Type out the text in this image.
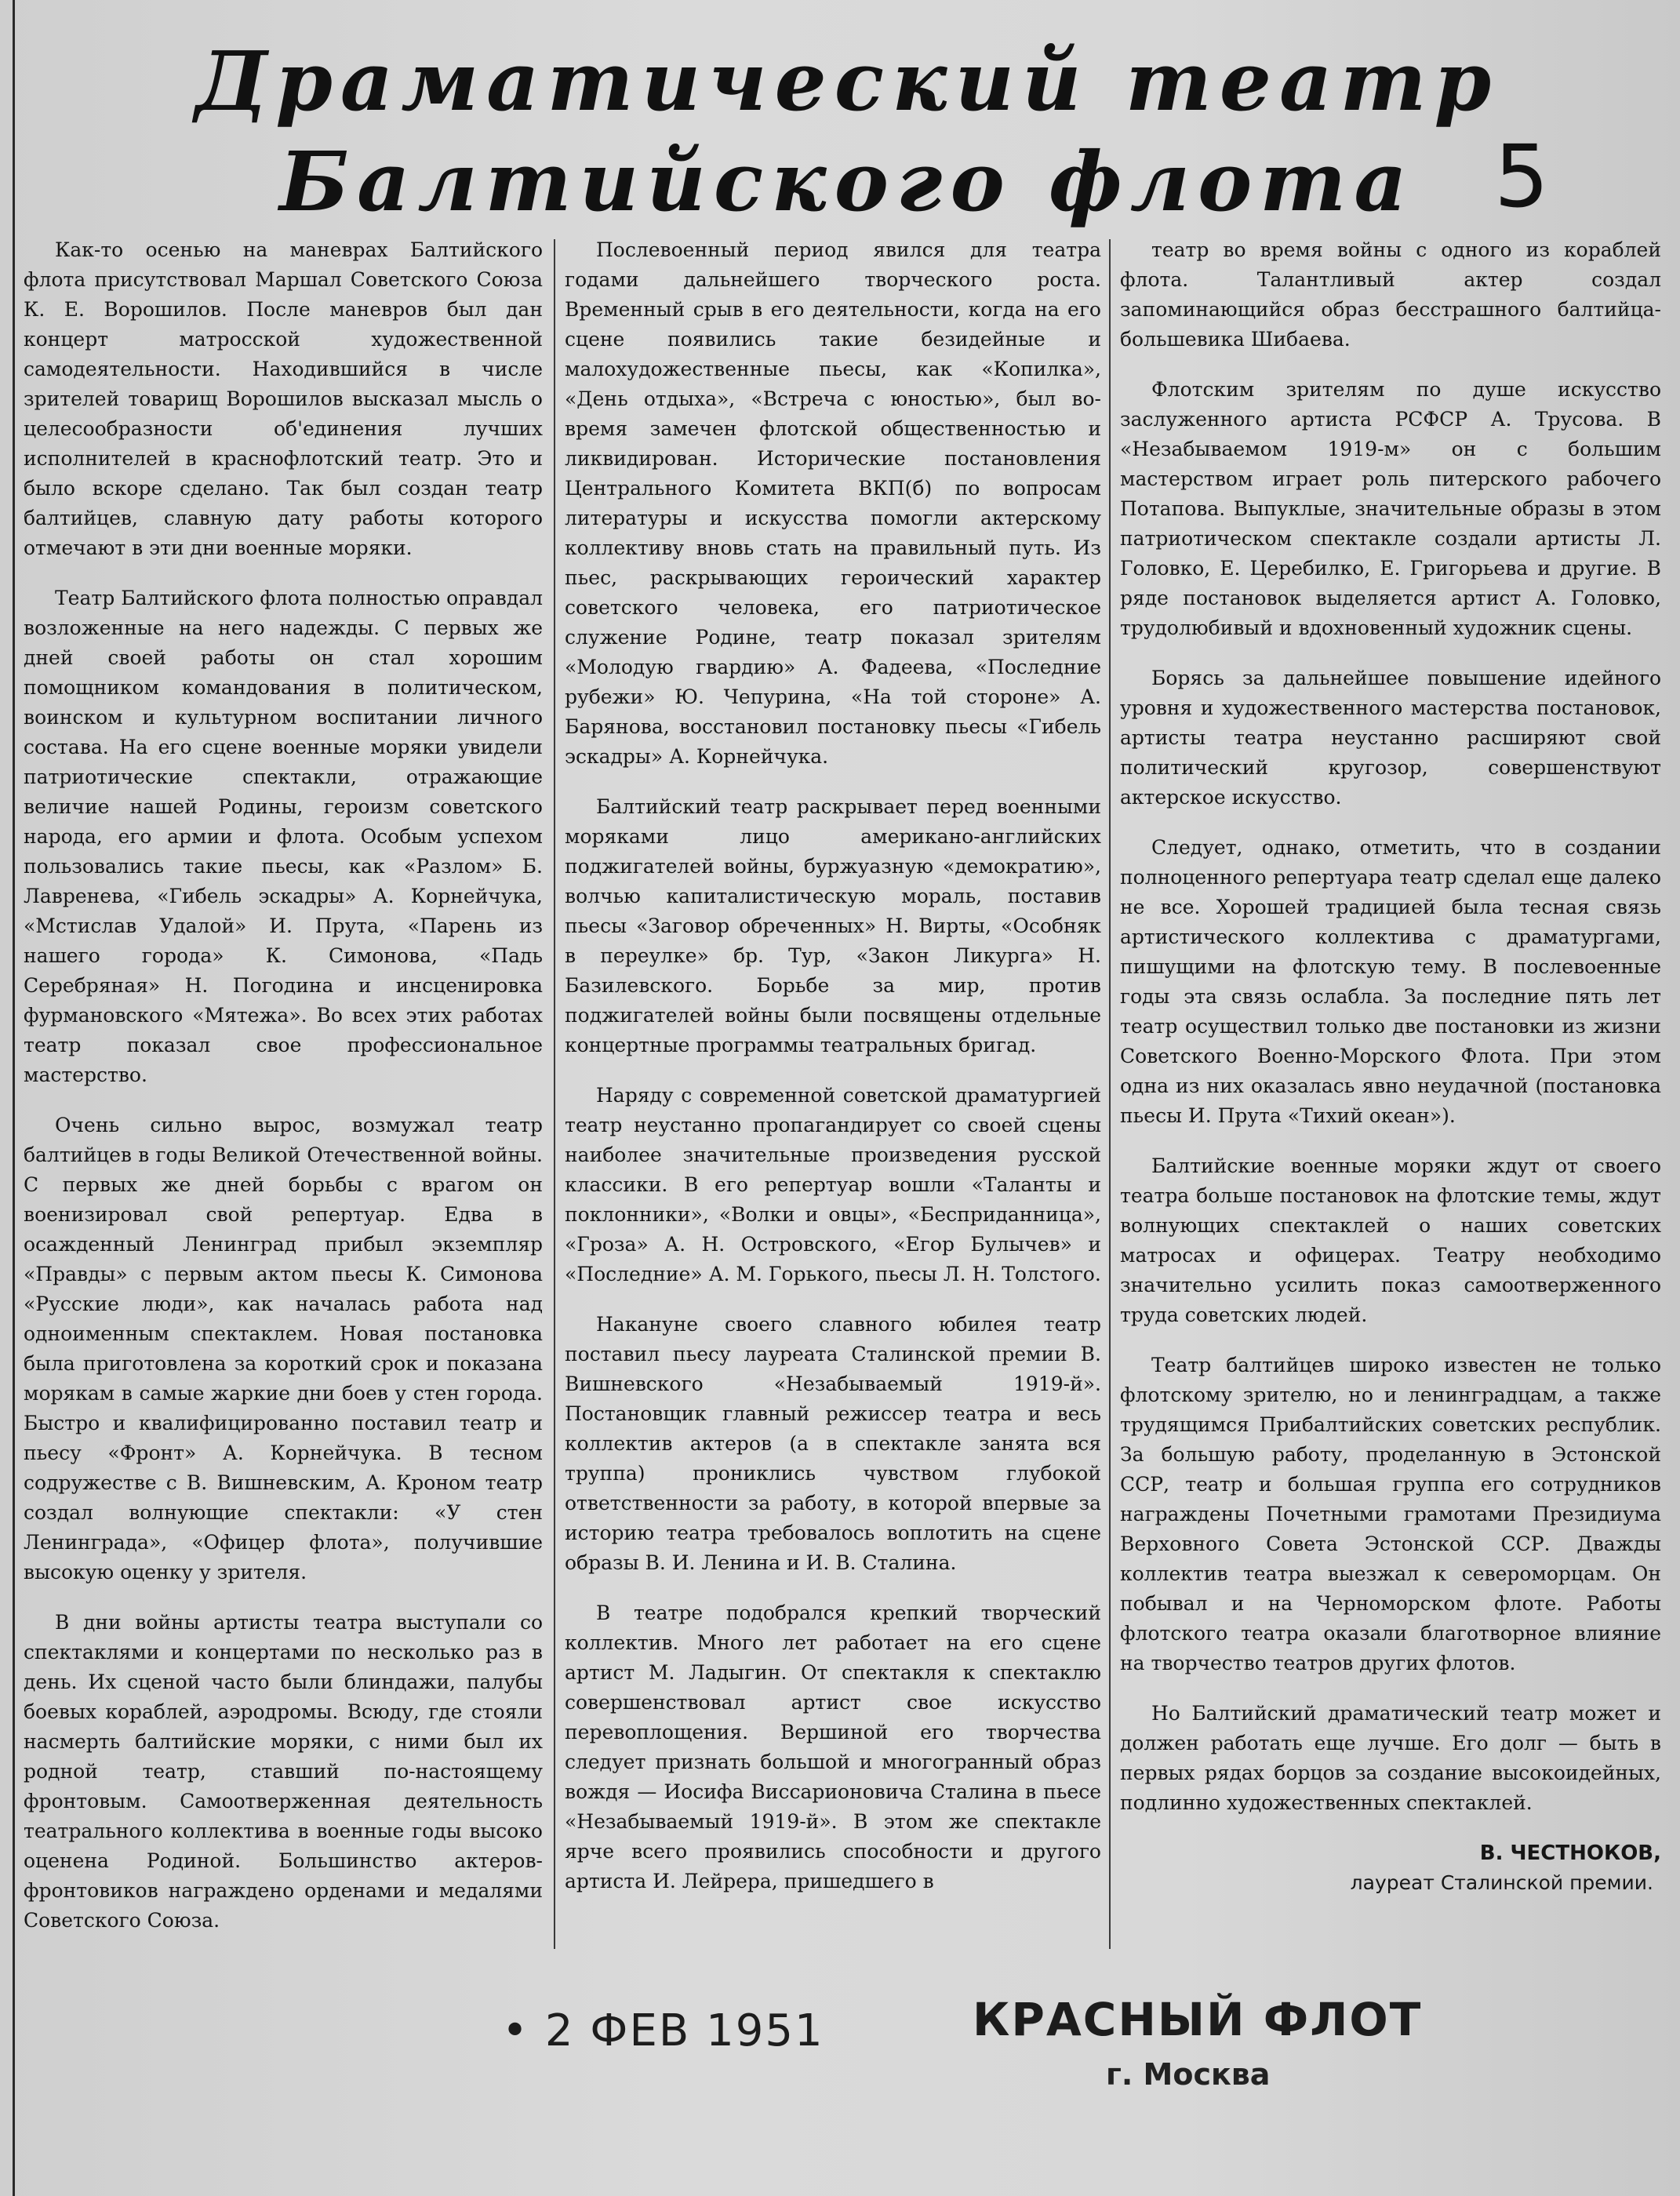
Драматический театр
Балтийского флота 5

Как-то осенью на маневрах Балтийского флота присутствовал Маршал Советского Союза К. Е. Ворошилов. После маневров был дан концерт матросской художественной самодеятельности. Находившийся в числе зрителей товарищ Ворошилов высказал мысль о целесообразности об'единения лучших исполнителей в краснофлотский театр. Это и было вскоре сделано. Так был создан театр балтийцев, славную дату работы которого отмечают в эти дни военные моряки.

Театр Балтийского флота полностью оправдал возложенные на него надежды. С первых же дней своей работы он стал хорошим помощником командования в политическом, воинском и культурном воспитании личного состава. На его сцене военные моряки увидели патриотические спектакли, отражающие величие нашей Родины, героизм советского народа, его армии и флота. Особым успехом пользовались такие пьесы, как «Разлом» Б. Лавренева, «Гибель эскадры» А. Корнейчука, «Мстислав Удалой» И. Прута, «Парень из нашего города» К. Симонова, «Падь Серебряная» Н. Погодина и инсценировка фурмановского «Мятежа». Во всех этих работах театр показал свое профессиональное мастерство.

Очень сильно вырос, возмужал театр балтийцев в годы Великой Отечественной войны. С первых же дней борьбы с врагом он военизировал свой репертуар. Едва в осажденный Ленинград прибыл экземпляр «Правды» с первым актом пьесы К. Симонова «Русские люди», как началась работа над одноименным спектаклем. Новая постановка была приготовлена за короткий срок и показана морякам в самые жаркие дни боев у стен города. Быстро и квалифицированно поставил театр и пьесу «Фронт» А. Корнейчука. В тесном содружестве с В. Вишневским, А. Кроном театр создал волнующие спектакли: «У стен Ленинграда», «Офицер флота», получившие высокую оценку у зрителя.

В дни войны артисты театра выступали со спектаклями и концертами по несколько раз в день. Их сценой часто были блиндажи, палубы боевых кораблей, аэродромы. Всюду, где стояли насмерть балтийские моряки, с ними был их родной театр, ставший по-настоящему фронтовым. Самоотверженная деятельность театрального коллектива в военные годы высоко оценена Родиной. Большинство актеров-фронтовиков награждено орденами и медалями Советского Союза.

Послевоенный период явился для театра годами дальнейшего творческого роста. Временный срыв в его деятельности, когда на его сцене появились такие безидейные и малохудожественные пьесы, как «Копилка», «День отдыха», «Встреча с юностью», был во-время замечен флотской общественностью и ликвидирован. Исторические постановления Центрального Комитета ВКП(б) по вопросам литературы и искусства помогли актерскому коллективу вновь стать на правильный путь. Из пьес, раскрывающих героический характер советского человека, его патриотическое служение Родине, театр показал зрителям «Молодую гвардию» А. Фадеева, «Последние рубежи» Ю. Чепурина, «На той стороне» А. Барянова, восстановил постановку пьесы «Гибель эскадры» А. Корнейчука.

Балтийский театр раскрывает перед военными моряками лицо американо-английских поджигателей войны, буржуазную «демократию», волчью капиталистическую мораль, поставив пьесы «Заговор обреченных» Н. Вирты, «Особняк в переулке» бр. Тур, «Закон Ликурга» Н. Базилевского. Борьбе за мир, против поджигателей войны были посвящены отдельные концертные программы театральных бригад.

Наряду с современной советской драматургией театр неустанно пропагандирует со своей сцены наиболее значительные произведения русской классики. В его репертуар вошли «Таланты и поклонники», «Волки и овцы», «Бесприданница», «Гроза» А. Н. Островского, «Егор Булычев» и «Последние» А. М. Горького, пьесы Л. Н. Толстого.

Накануне своего славного юбилея театр поставил пьесу лауреата Сталинской премии В. Вишневского «Незабываемый 1919-й». Постановщик главный режиссер театра и весь коллектив актеров (а в спектакле занята вся труппа) прониклись чувством глубокой ответственности за работу, в которой впервые за историю театра требовалось воплотить на сцене образы В. И. Ленина и И. В. Сталина.

В театре подобрался крепкий творческий коллектив. Много лет работает на его сцене артист М. Ладыгин. От спектакля к спектаклю совершенствовал артист свое искусство перевоплощения. Вершиной его творчества следует признать большой и многогранный образ вождя — Иосифа Виссарионовича Сталина в пьесе «Незабываемый 1919-й». В этом же спектакле ярче всего проявились способности и другого артиста И. Лейрера, пришедшего в

театр во время войны с одного из кораблей флота. Талантливый актер создал запоминающийся образ бесстрашного балтийца-большевика Шибаева.

Флотским зрителям по душе искусство заслуженного артиста РСФСР А. Трусова. В «Незабываемом 1919-м» он с большим мастерством играет роль питерского рабочего Потапова. Выпуклые, значительные образы в этом патриотическом спектакле создали артисты Л. Головко, Е. Церебилко, Е. Григорьева и другие. В ряде постановок выделяется артист А. Головко, трудолюбивый и вдохновенный художник сцены.

Борясь за дальнейшее повышение идейного уровня и художественного мастерства постановок, артисты театра неустанно расширяют свой политический кругозор, совершенствуют актерское искусство.

Следует, однако, отметить, что в создании полноценного репертуара театр сделал еще далеко не все. Хорошей традицией была тесная связь артистического коллектива с драматургами, пишущими на флотскую тему. В послевоенные годы эта связь ослабла. За последние пять лет театр осуществил только две постановки из жизни Советского Военно-Морского Флота. При этом одна из них оказалась явно неудачной (постановка пьесы И. Прута «Тихий океан»).

Балтийские военные моряки ждут от своего театра больше постановок на флотские темы, ждут волнующих спектаклей о наших советских матросах и офицерах. Театру необходимо значительно усилить показ самоотверженного труда советских людей.

Театр балтийцев широко известен не только флотскому зрителю, но и ленинградцам, а также трудящимся Прибалтийских советских республик. За большую работу, проделанную в Эстонской ССР, театр и большая группа его сотрудников награждены Почетными грамотами Президиума Верховного Совета Эстонской ССР. Дважды коллектив театра выезжал к североморцам. Он побывал и на Черноморском флоте. Работы флотского театра оказали благотворное влияние на творчество театров других флотов.

Но Балтийский драматический театр может и должен работать еще лучше. Его долг — быть в первых рядах борцов за создание высокоидейных, подлинно художественных спектаклей.

В. ЧЕСТНОКОВ,
лауреат Сталинской премии.
• 2 ФЕВ 1951	КРАСНЫЙ ФЛОТ
г. Москва
